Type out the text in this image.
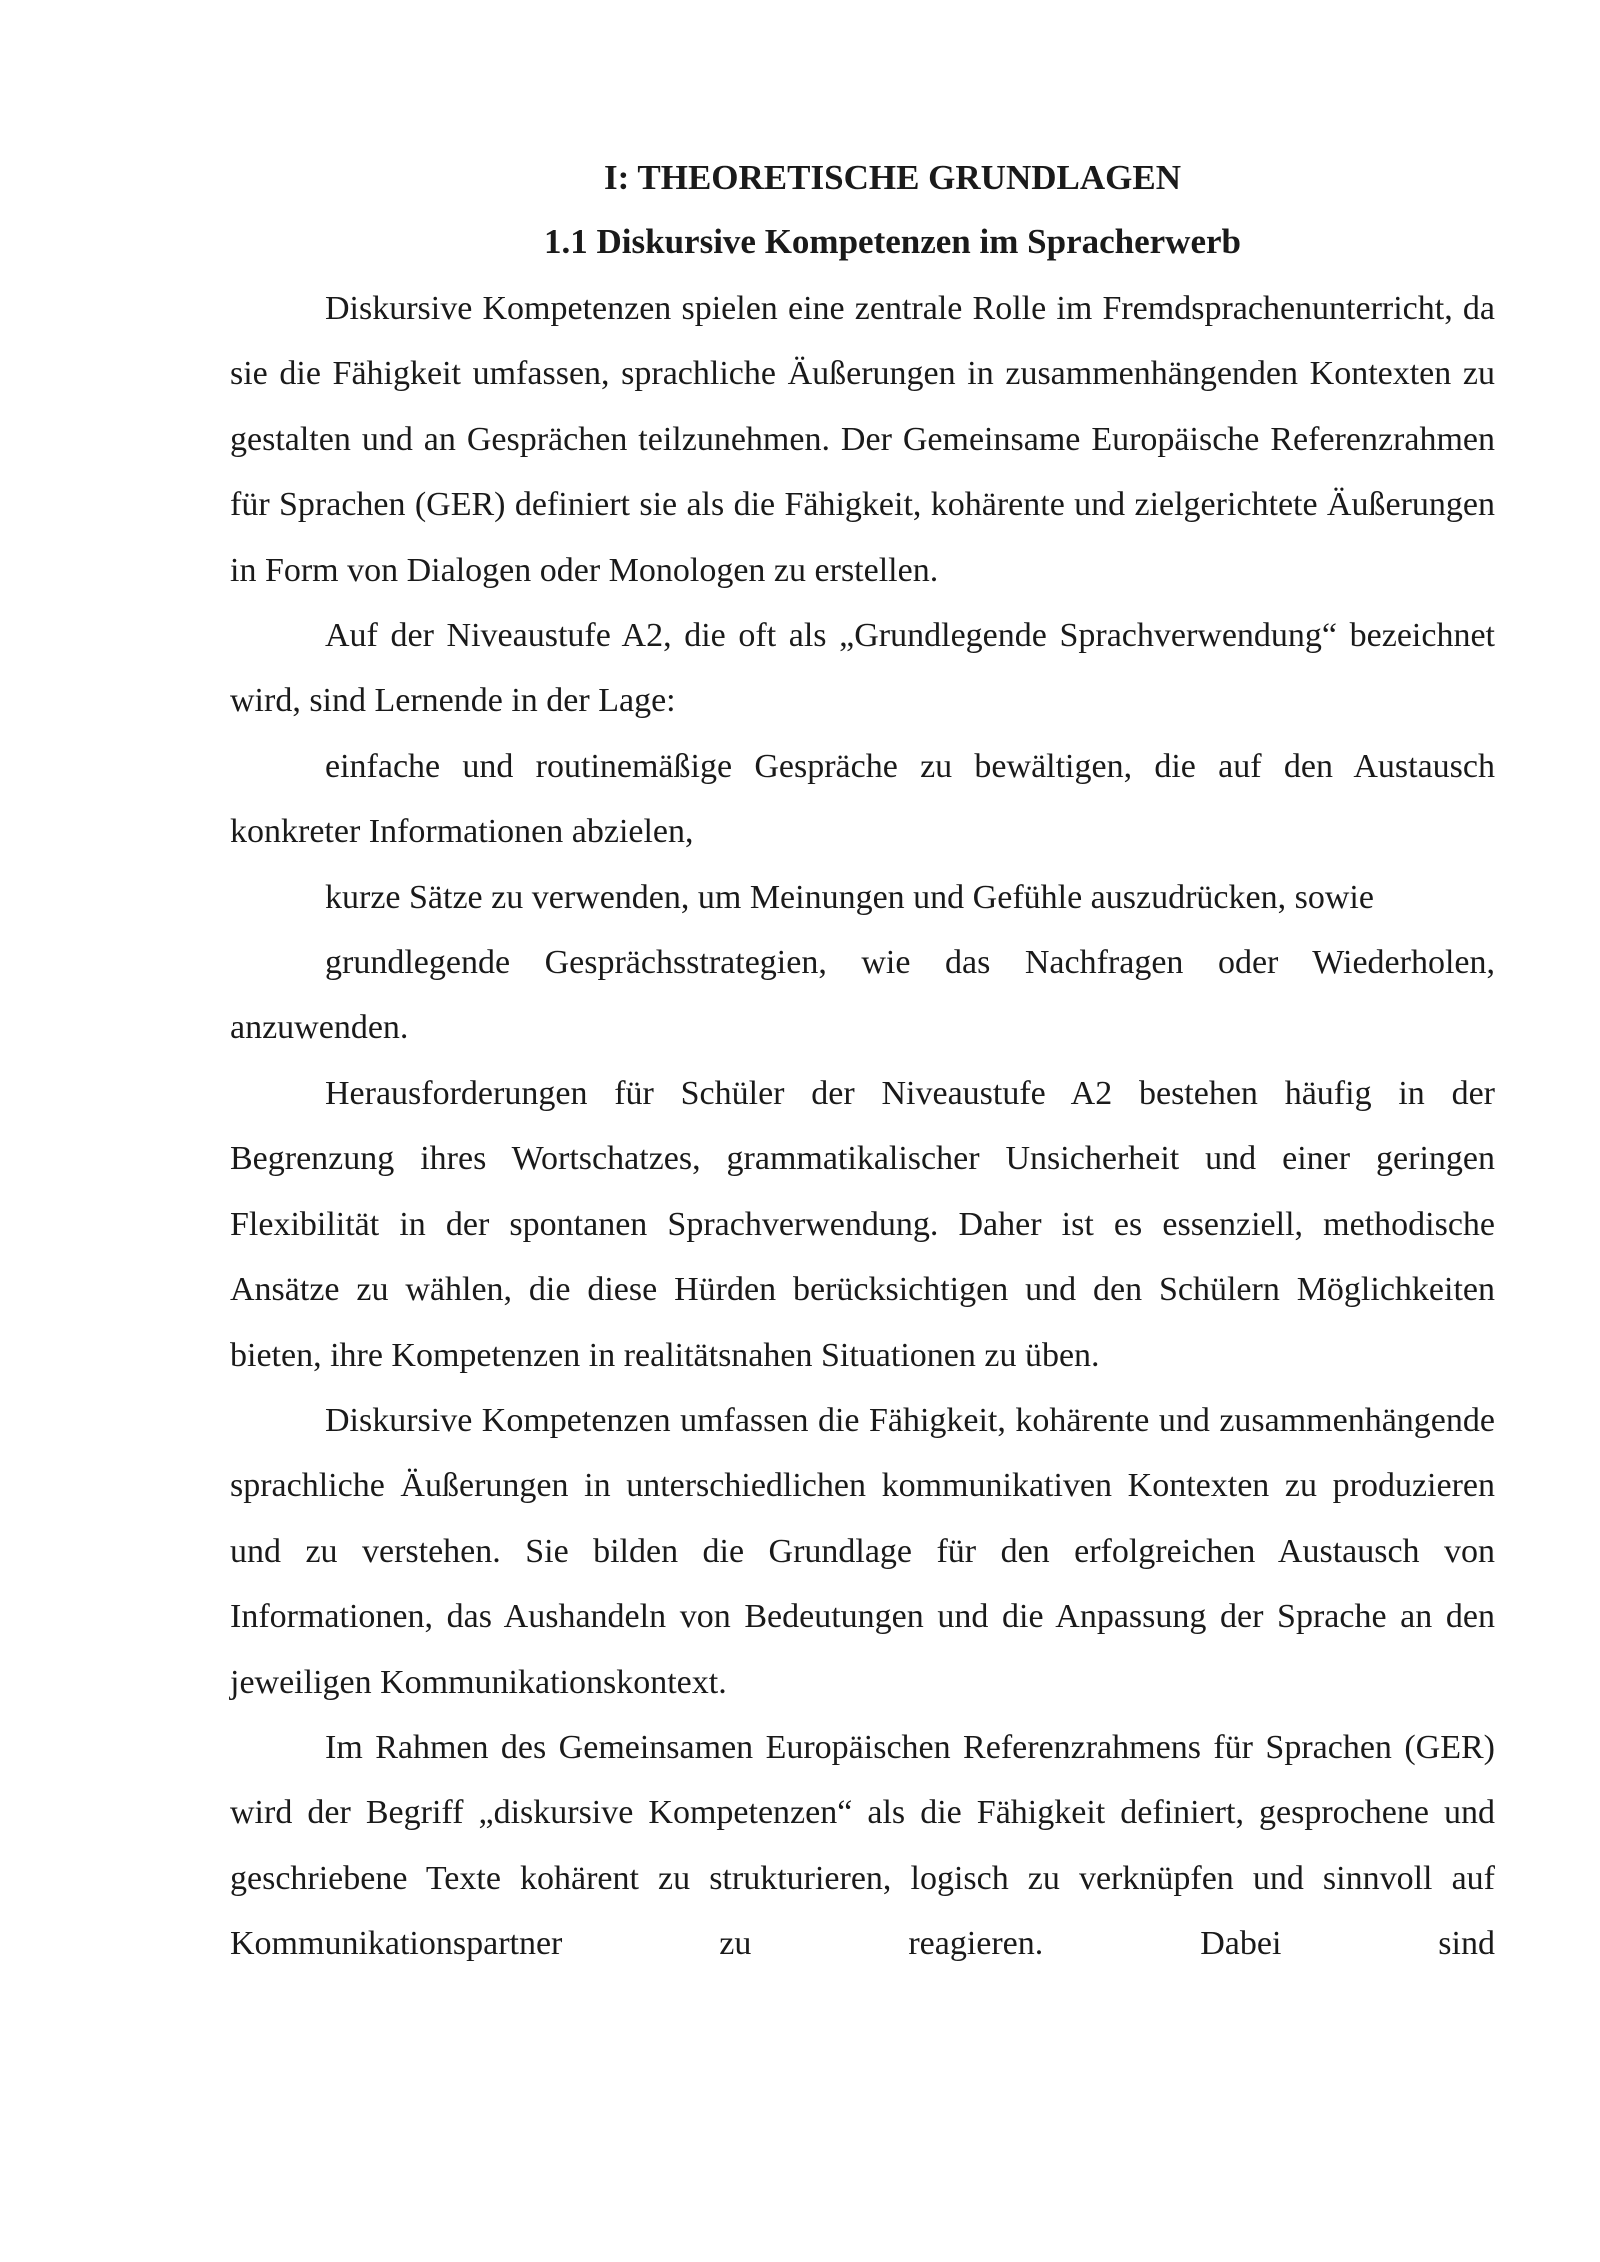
I: THEORETISCHE GRUNDLAGEN
1.1 Diskursive Kompetenzen im Spracherwerb

Diskursive Kompetenzen spielen eine zentrale Rolle im Fremdsprachenunterricht, da sie die Fähigkeit umfassen, sprachliche Äußerungen in zusammenhängenden Kontexten zu gestalten und an Gesprächen teilzunehmen. Der Gemeinsame Europäische Referenzrahmen für Sprachen (GER) definiert sie als die Fähigkeit, kohärente und zielgerichtete Äußerungen in Form von Dialogen oder Monologen zu erstellen.

Auf der Niveaustufe A2, die oft als „Grundlegende Sprachverwendung“ bezeichnet wird, sind Lernende in der Lage:

einfache und routinemäßige Gespräche zu bewältigen, die auf den Austausch konkreter Informationen abzielen,

kurze Sätze zu verwenden, um Meinungen und Gefühle auszudrücken, sowie

grundlegende Gesprächsstrategien, wie das Nachfragen oder Wiederholen, anzuwenden.

Herausforderungen für Schüler der Niveaustufe A2 bestehen häufig in der Begrenzung ihres Wortschatzes, grammatikalischer Unsicherheit und einer geringen Flexibilität in der spontanen Sprachverwendung. Daher ist es essenziell, methodische Ansätze zu wählen, die diese Hürden berücksichtigen und den Schülern Möglichkeiten bieten, ihre Kompetenzen in realitätsnahen Situationen zu üben.

Diskursive Kompetenzen umfassen die Fähigkeit, kohärente und zusammenhängende sprachliche Äußerungen in unterschiedlichen kommunikativen Kontexten zu produzieren und zu verstehen. Sie bilden die Grundlage für den erfolgreichen Austausch von Informationen, das Aushandeln von Bedeutungen und die Anpassung der Sprache an den jeweiligen Kommunikationskontext.

Im Rahmen des Gemeinsamen Europäischen Referenzrahmens für Sprachen (GER) wird der Begriff „diskursive Kompetenzen“ als die Fähigkeit definiert, gesprochene und geschriebene Texte kohärent zu strukturieren, logisch zu verknüpfen und sinnvoll auf Kommunikationspartner zu reagieren. Dabei sind
